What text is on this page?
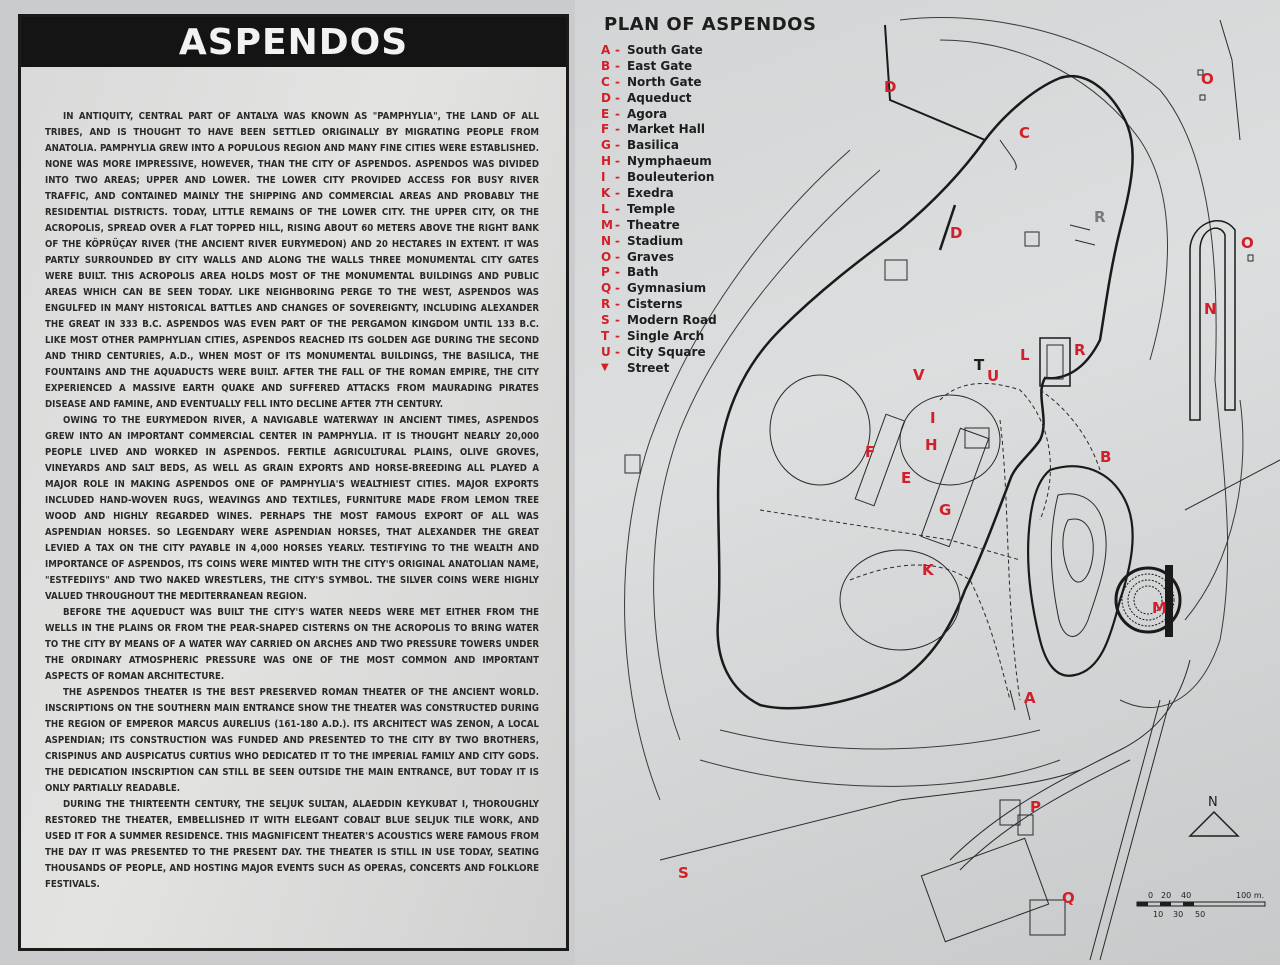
ASPENDOS

IN ANTIQUITY, CENTRAL PART OF ANTALYA WAS KNOWN AS "PAMPHYLIA", THE LAND OF ALL TRIBES, AND IS THOUGHT TO HAVE BEEN SETTLED ORIGINALLY BY MIGRATING PEOPLE FROM ANATOLIA. PAMPHYLIA GREW INTO A POPULOUS REGION AND MANY FINE CITIES WERE ESTABLISHED. NONE WAS MORE IMPRESSIVE, HOWEVER, THAN THE CITY OF ASPENDOS. ASPENDOS WAS DIVIDED INTO TWO AREAS; UPPER AND LOWER. THE LOWER CITY PROVIDED ACCESS FOR BUSY RIVER TRAFFIC, AND CONTAINED MAINLY THE SHIPPING AND COMMERCIAL AREAS AND PROBABLY THE RESIDENTIAL DISTRICTS. TODAY, LITTLE REMAINS OF THE LOWER CITY. THE UPPER CITY, OR THE ACROPOLIS, SPREAD OVER A FLAT TOPPED HILL, RISING ABOUT 60 METERS ABOVE THE RIGHT BANK OF THE KÖPRÜÇAY RIVER (THE ANCIENT RIVER EURYMEDON) AND 20 HECTARES IN EXTENT. IT WAS PARTLY SURROUNDED BY CITY WALLS AND ALONG THE WALLS THREE MONUMENTAL CITY GATES WERE BUILT. THIS ACROPOLIS AREA HOLDS MOST OF THE MONUMENTAL BUILDINGS AND PUBLIC AREAS WHICH CAN BE SEEN TODAY. LIKE NEIGHBORING PERGE TO THE WEST, ASPENDOS WAS ENGULFED IN MANY HISTORICAL BATTLES AND CHANGES OF SOVEREIGNTY, INCLUDING ALEXANDER THE GREAT IN 333 B.C. ASPENDOS WAS EVEN PART OF THE PERGAMON KINGDOM UNTIL 133 B.C. LIKE MOST OTHER PAMPHYLIAN CITIES, ASPENDOS REACHED ITS GOLDEN AGE DURING THE SECOND AND THIRD CENTURIES, A.D., WHEN MOST OF ITS MONUMENTAL BUILDINGS, THE BASILICA, THE FOUNTAINS AND THE AQUADUCTS WERE BUILT. AFTER THE FALL OF THE ROMAN EMPIRE, THE CITY EXPERIENCED A MASSIVE EARTH QUAKE AND SUFFERED ATTACKS FROM MAURADING PIRATES DISEASE AND FAMINE, AND EVENTUALLY FELL INTO DECLINE AFTER 7TH CENTURY.

OWING TO THE EURYMEDON RIVER, A NAVIGABLE WATERWAY IN ANCIENT TIMES, ASPENDOS GREW INTO AN IMPORTANT COMMERCIAL CENTER IN PAMPHYLIA. IT IS THOUGHT NEARLY 20,000 PEOPLE LIVED AND WORKED IN ASPENDOS. FERTILE AGRICULTURAL PLAINS, OLIVE GROVES, VINEYARDS AND SALT BEDS, AS WELL AS GRAIN EXPORTS AND HORSE-BREEDING ALL PLAYED A MAJOR ROLE IN MAKING ASPENDOS ONE OF PAMPHYLIA'S WEALTHIEST CITIES. MAJOR EXPORTS INCLUDED HAND-WOVEN RUGS, WEAVINGS AND TEXTILES, FURNITURE MADE FROM LEMON TREE WOOD AND HIGHLY REGARDED WINES. PERHAPS THE MOST FAMOUS EXPORT OF ALL WAS ASPENDIAN HORSES. SO LEGENDARY WERE ASPENDIAN HORSES, THAT ALEXANDER THE GREAT LEVIED A TAX ON THE CITY PAYABLE IN 4,000 HORSES YEARLY. TESTIFYING TO THE WEALTH AND IMPORTANCE OF ASPENDOS, ITS COINS WERE MINTED WITH THE CITY'S ORIGINAL ANATOLIAN NAME, "ESTFEDIIYS" AND TWO NAKED WRESTLERS, THE CITY'S SYMBOL. THE SILVER COINS WERE HIGHLY VALUED THROUGHOUT THE MEDITERRANEAN REGION.

BEFORE THE AQUEDUCT WAS BUILT THE CITY'S WATER NEEDS WERE MET EITHER FROM THE WELLS IN THE PLAINS OR FROM THE PEAR-SHAPED CISTERNS ON THE ACROPOLIS TO BRING WATER TO THE CITY BY MEANS OF A WATER WAY CARRIED ON ARCHES AND TWO PRESSURE TOWERS UNDER THE ORDINARY ATMOSPHERIC PRESSURE WAS ONE OF THE MOST COMMON AND IMPORTANT ASPECTS OF ROMAN ARCHITECTURE.

THE ASPENDOS THEATER IS THE BEST PRESERVED ROMAN THEATER OF THE ANCIENT WORLD. INSCRIPTIONS ON THE SOUTHERN MAIN ENTRANCE SHOW THE THEATER WAS CONSTRUCTED DURING THE REGION OF EMPEROR MARCUS AURELIUS (161-180 A.D.). ITS ARCHITECT WAS ZENON, A LOCAL ASPENDIAN; ITS CONSTRUCTION WAS FUNDED AND PRESENTED TO THE CITY BY TWO BROTHERS, CRISPINUS AND AUSPICATUS CURTIUS WHO DEDICATED IT TO THE IMPERIAL FAMILY AND CITY GODS. THE DEDICATION INSCRIPTION CAN STILL BE SEEN OUTSIDE THE MAIN ENTRANCE, BUT TODAY IT IS ONLY PARTIALLY READABLE.

DURING THE THIRTEENTH CENTURY, THE SELJUK SULTAN, ALAEDDIN KEYKUBAT I, THOROUGHLY RESTORED THE THEATER, EMBELLISHED IT WITH ELEGANT COBALT BLUE SELJUK TILE WORK, AND USED IT FOR A SUMMER RESIDENCE. THIS MAGNIFICENT THEATER'S ACOUSTICS WERE FAMOUS FROM THE DAY IT WAS PRESENTED TO THE PRESENT DAY. THE THEATER IS STILL IN USE TODAY, SEATING THOUSANDS OF PEOPLE, AND HOSTING MAJOR EVENTS SUCH AS OPERAS, CONCERTS AND FOLKLORE FESTIVALS.

A
B
C
D
D
E
F
G
H
I
K
L
M
N
O
O
P
Q
R
R
S
T
U
V
N
0 20 40	100 m.
10 30 50
PLAN OF ASPENDOS
A - South Gate
B - East Gate
C - North Gate
D - Aqueduct
E - Agora
F - Market Hall
G - Basilica
H - Nymphaeum
I - Bouleuterion
K - Exedra
L - Temple
M - Theatre
N - Stadium
O - Graves
P - Bath
Q - Gymnasium
R - Cisterns
S - Modern Road
T - Single Arch
U - City Square
▼	Street
